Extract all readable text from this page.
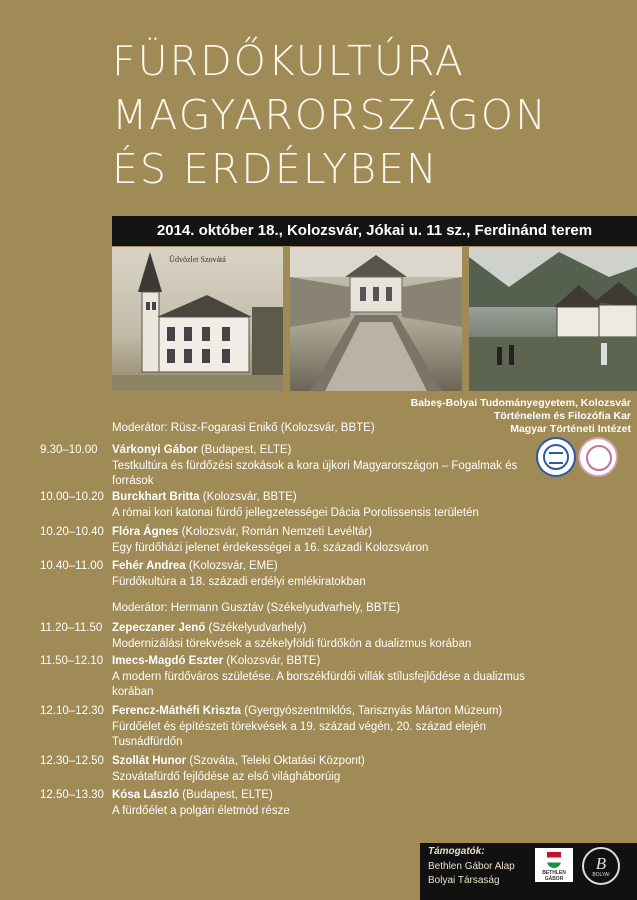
FÜRDŐKULTÚRA
MAGYARORSZÁGON
ÉS ERDÉLYBEN
2014. október 18., Kolozsvár, Jókai u. 11 sz., Ferdinánd terem
Üdvözlet Szovátá
Babeş-Bolyai Tudományegyetem, Kolozsvár
Történelem és Filozófia Kar
Magyar Történeti Intézet
Moderátor: Rüsz-Fogarasi Enikő (Kolozsvár, BBTE)
9.30–10.00	Várkonyi Gábor (Budapest, ELTE)
Testkultúra és fürdőzési szokások a kora újkori Magyarországon – Fogalmak és források
10.00–10.20 Burckhart Britta (Kolozsvár, BBTE)
A római kori katonai fürdő jellegzetességei Dácia Porolissensis területén
10.20–10.40 Flóra Ágnes (Kolozsvár, Román Nemzeti Levéltár)
Egy fürdőházi jelenet érdekességei a 16. századi Kolozsváron
10.40–11.00 Fehér Andrea (Kolozsvár, EME)
Fürdőkultúra a 18. századi erdélyi emlékiratokban
Moderátor: Hermann Gusztáv (Székelyudvarhely, BBTE)
11.20–11.50 Zepeczaner Jenő (Székelyudvarhely)
Modernizálási törekvések a székelyföldi fürdőkön a dualizmus korában
11.50–12.10 Imecs-Magdó Eszter (Kolozsvár, BBTE)
A modern fürdőváros születése. A borszékfürdői villák stílusfejlődése a dualizmus korában
12.10–12.30 Ferencz-Máthéfi Kriszta (Gyergyószentmiklós, Tarisznyás Márton Múzeum)
Fürdőélet és építészeti törekvések a 19. század végén, 20. század elején Tusnádfürdőn
12.30–12.50 Szollát Hunor (Szováta, Teleki Oktatási Központ)
Szovátafürdő fejlődése az első világháborúig
12.50–13.30 Kósa László (Budapest, ELTE)
A fürdőélet a polgári életmód része
Támogatók:
Bethlen Gábor Alap
Bolyai Társaság
BETHLEN GÁBOR
B
BOLYAI
